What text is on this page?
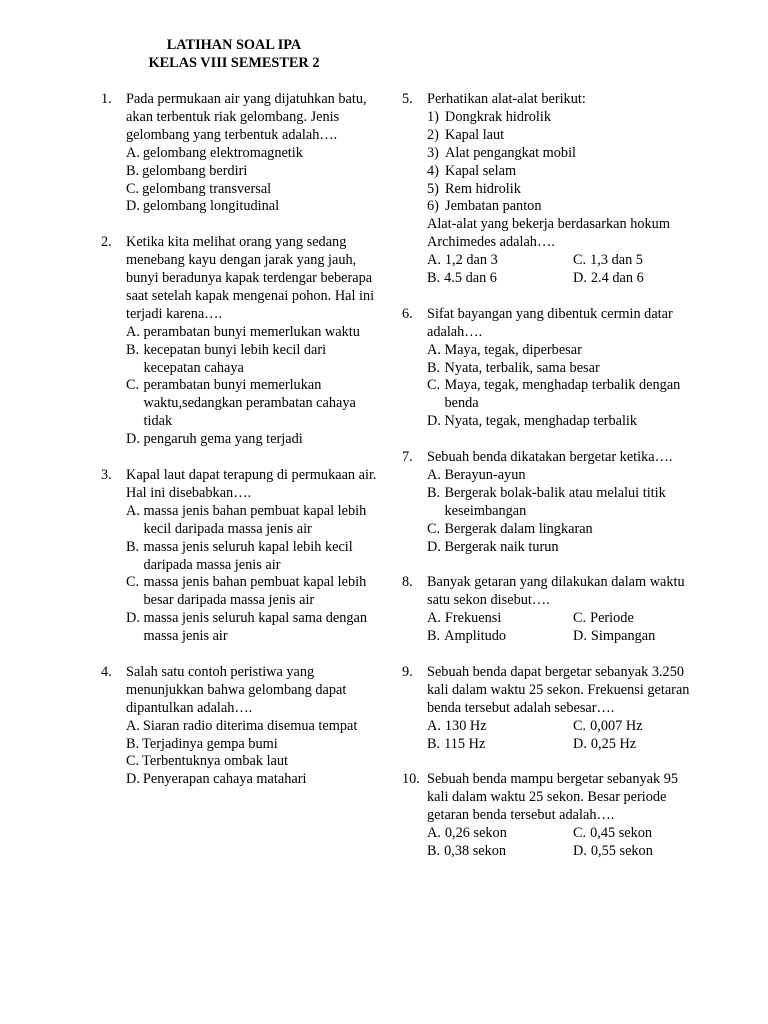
LATIHAN SOAL IPA
KELAS VIII SEMESTER 2
1. Pada permukaan air yang dijatuhkan batu, akan terbentuk riak gelombang. Jenis gelombang yang terbentuk adalah….
A. gelombang elektromagnetik
B. gelombang berdiri
C. gelombang transversal
D. gelombang longitudinal
2. Ketika kita melihat orang yang sedang menebang kayu dengan jarak yang jauh, bunyi beradunya kapak terdengar beberapa saat setelah kapak mengenai pohon. Hal ini terjadi karena….
A. perambatan bunyi memerlukan waktu
B. kecepatan bunyi lebih kecil dari kecepatan cahaya
C. perambatan bunyi memerlukan waktu,sedangkan perambatan cahaya tidak
D. pengaruh gema yang terjadi
3. Kapal laut dapat terapung di permukaan air. Hal ini disebabkan….
A. massa jenis bahan pembuat kapal lebih kecil daripada massa jenis air
B. massa jenis seluruh kapal lebih kecil daripada massa jenis air
C. massa jenis bahan pembuat kapal lebih besar daripada massa jenis air
D. massa jenis seluruh kapal sama dengan massa jenis air
4. Salah satu contoh peristiwa yang menunjukkan bahwa gelombang dapat dipantulkan adalah….
A. Siaran radio diterima disemua tempat
B. Terjadinya gempa bumi
C. Terbentuknya ombak laut
D. Penyerapan cahaya matahari
5. Perhatikan alat-alat berikut:
1) Dongkrak hidrolik
2) Kapal laut
3) Alat pengangkat mobil
4) Kapal selam
5) Rem hidrolik
6) Jembatan panton
Alat-alat yang bekerja berdasarkan hokum Archimedes adalah….
A. 1,2 dan 3	C. 1,3 dan 5
B. 4.5 dan 6	D. 2.4 dan 6
6. Sifat bayangan yang dibentuk cermin datar adalah….
A. Maya, tegak, diperbesar
B. Nyata, terbalik, sama besar
C. Maya, tegak, menghadap terbalik dengan benda
D. Nyata, tegak, menghadap terbalik
7. Sebuah benda dikatakan bergetar ketika….
A. Berayun-ayun
B. Bergerak bolak-balik atau melalui titik keseimbangan
C. Bergerak dalam lingkaran
D. Bergerak naik turun
8. Banyak getaran yang dilakukan dalam waktu satu sekon disebut….
A. Frekuensi	C. Periode
B. Amplitudo	D. Simpangan
9. Sebuah benda dapat bergetar sebanyak 3.250 kali dalam waktu 25 sekon. Frekuensi getaran benda tersebut adalah sebesar….
A. 130 Hz	C. 0,007 Hz
B. 115 Hz	D. 0,25 Hz
10. Sebuah benda mampu bergetar sebanyak 95 kali dalam waktu 25 sekon. Besar periode getaran benda tersebut adalah….
A. 0,26 sekon	C. 0,45 sekon
B. 0,38 sekon	D. 0,55 sekon
